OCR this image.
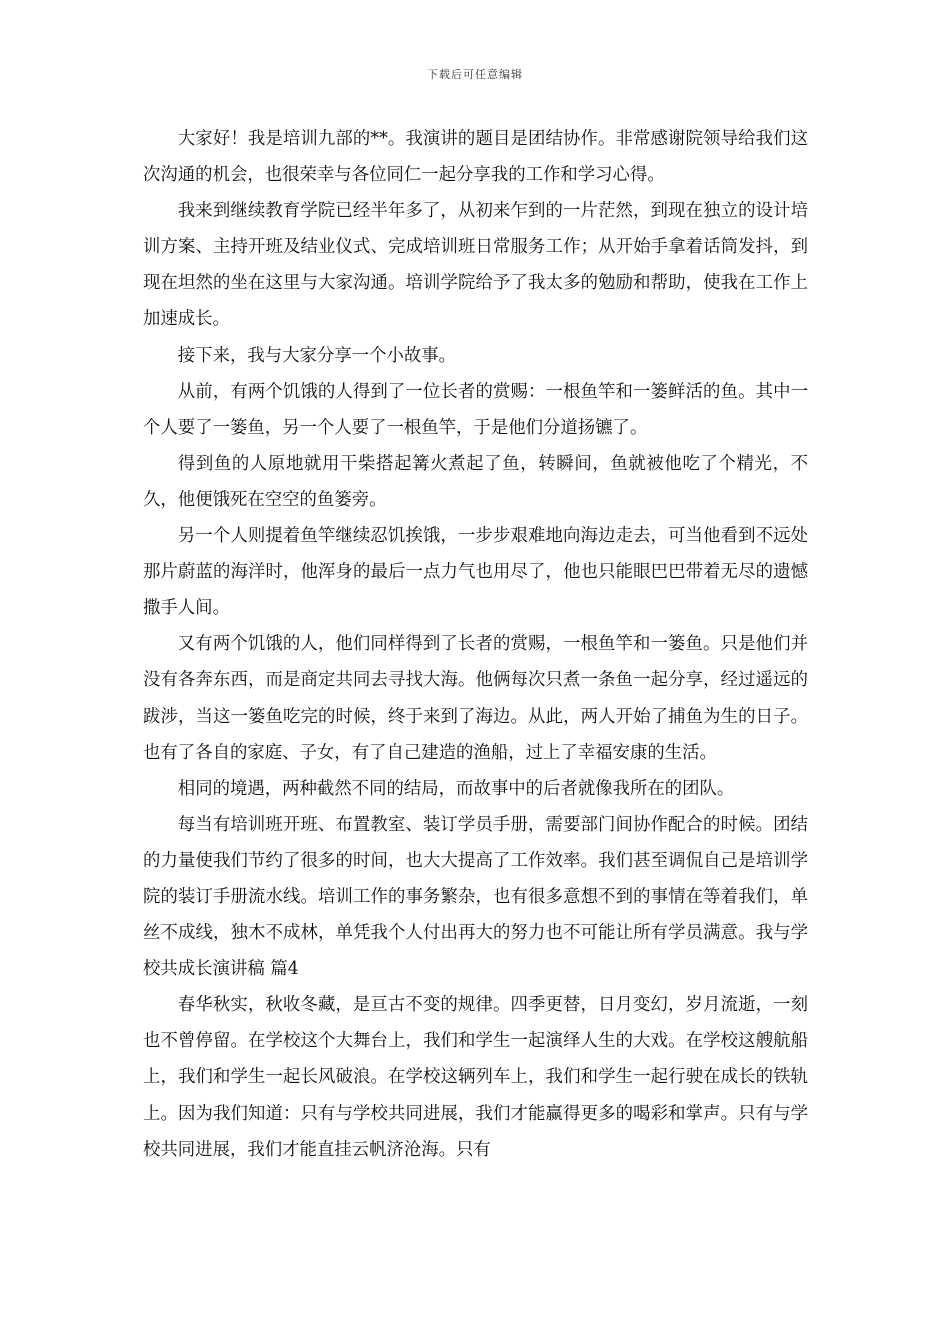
下载后可任意编辑

大家好！我是培训九部的**。我演讲的题目是团结协作。非常感谢院领导给我们这次沟通的机会，也很荣幸与各位同仁一起分享我的工作和学习心得。

我来到继续教育学院已经半年多了，从初来乍到的一片茫然，到现在独立的设计培训方案、主持开班及结业仪式、完成培训班日常服务工作；从开始手拿着话筒发抖，到现在坦然的坐在这里与大家沟通。培训学院给予了我太多的勉励和帮助，使我在工作上加速成长。

接下来，我与大家分享一个小故事。

从前，有两个饥饿的人得到了一位长者的赏赐：一根鱼竿和一篓鲜活的鱼。其中一个人要了一篓鱼，另一个人要了一根鱼竿，于是他们分道扬镳了。

得到鱼的人原地就用干柴搭起篝火煮起了鱼，转瞬间，鱼就被他吃了个精光，不久，他便饿死在空空的鱼篓旁。

另一个人则提着鱼竿继续忍饥挨饿，一步步艰难地向海边走去，可当他看到不远处那片蔚蓝的海洋时，他浑身的最后一点力气也用尽了，他也只能眼巴巴带着无尽的遗憾撒手人间。

又有两个饥饿的人，他们同样得到了长者的赏赐，一根鱼竿和一篓鱼。只是他们并没有各奔东西，而是商定共同去寻找大海。他俩每次只煮一条鱼一起分享，经过遥远的跋涉，当这一篓鱼吃完的时候，终于来到了海边。从此，两人开始了捕鱼为生的日子。也有了各自的家庭、子女，有了自己建造的渔船，过上了幸福安康的生活。

相同的境遇，两种截然不同的结局，而故事中的后者就像我所在的团队。

每当有培训班开班、布置教室、装订学员手册，需要部门间协作配合的时候。团结的力量使我们节约了很多的时间，也大大提高了工作效率。我们甚至调侃自己是培训学院的装订手册流水线。培训工作的事务繁杂，也有很多意想不到的事情在等着我们，单丝不成线，独木不成林，单凭我个人付出再大的努力也不可能让所有学员满意。我与学校共成长演讲稿 篇4

春华秋实，秋收冬藏，是亘古不变的规律。四季更替，日月变幻，岁月流逝，一刻也不曾停留。在学校这个大舞台上，我们和学生一起演绎人生的大戏。在学校这艘航船上，我们和学生一起长风破浪。在学校这辆列车上，我们和学生一起行驶在成长的铁轨上。因为我们知道：只有与学校共同进展，我们才能赢得更多的喝彩和掌声。只有与学校共同进展，我们才能直挂云帆济沧海。只有
